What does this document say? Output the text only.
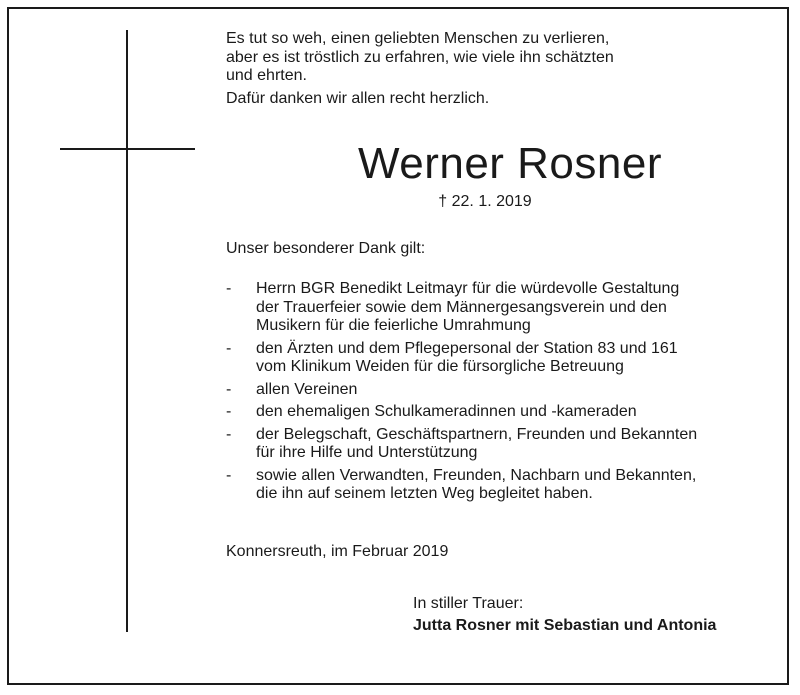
Es tut so weh, einen geliebten Menschen zu verlieren,
aber es ist tröstlich zu erfahren, wie viele ihn schätzten
und ehrten.
Dafür danken wir allen recht herzlich.
Werner Rosner
† 22. 1. 2019
Unser besonderer Dank gilt:
- Herrn BGR Benedikt Leitmayr für die würdevolle Gestaltung
der Trauerfeier sowie dem Männergesangsverein und den
Musikern für die feierliche Umrahmung
- den Ärzten und dem Pflegepersonal der Station 83 und 161
vom Klinikum Weiden für die fürsorgliche Betreuung
- allen Vereinen
- den ehemaligen Schulkameradinnen und -kameraden
- der Belegschaft, Geschäftspartnern, Freunden und Bekannten
für ihre Hilfe und Unterstützung
- sowie allen Verwandten, Freunden, Nachbarn und Bekannten,
die ihn auf seinem letzten Weg begleitet haben.
Konnersreuth, im Februar 2019
In stiller Trauer:
Jutta Rosner mit Sebastian und Antonia
